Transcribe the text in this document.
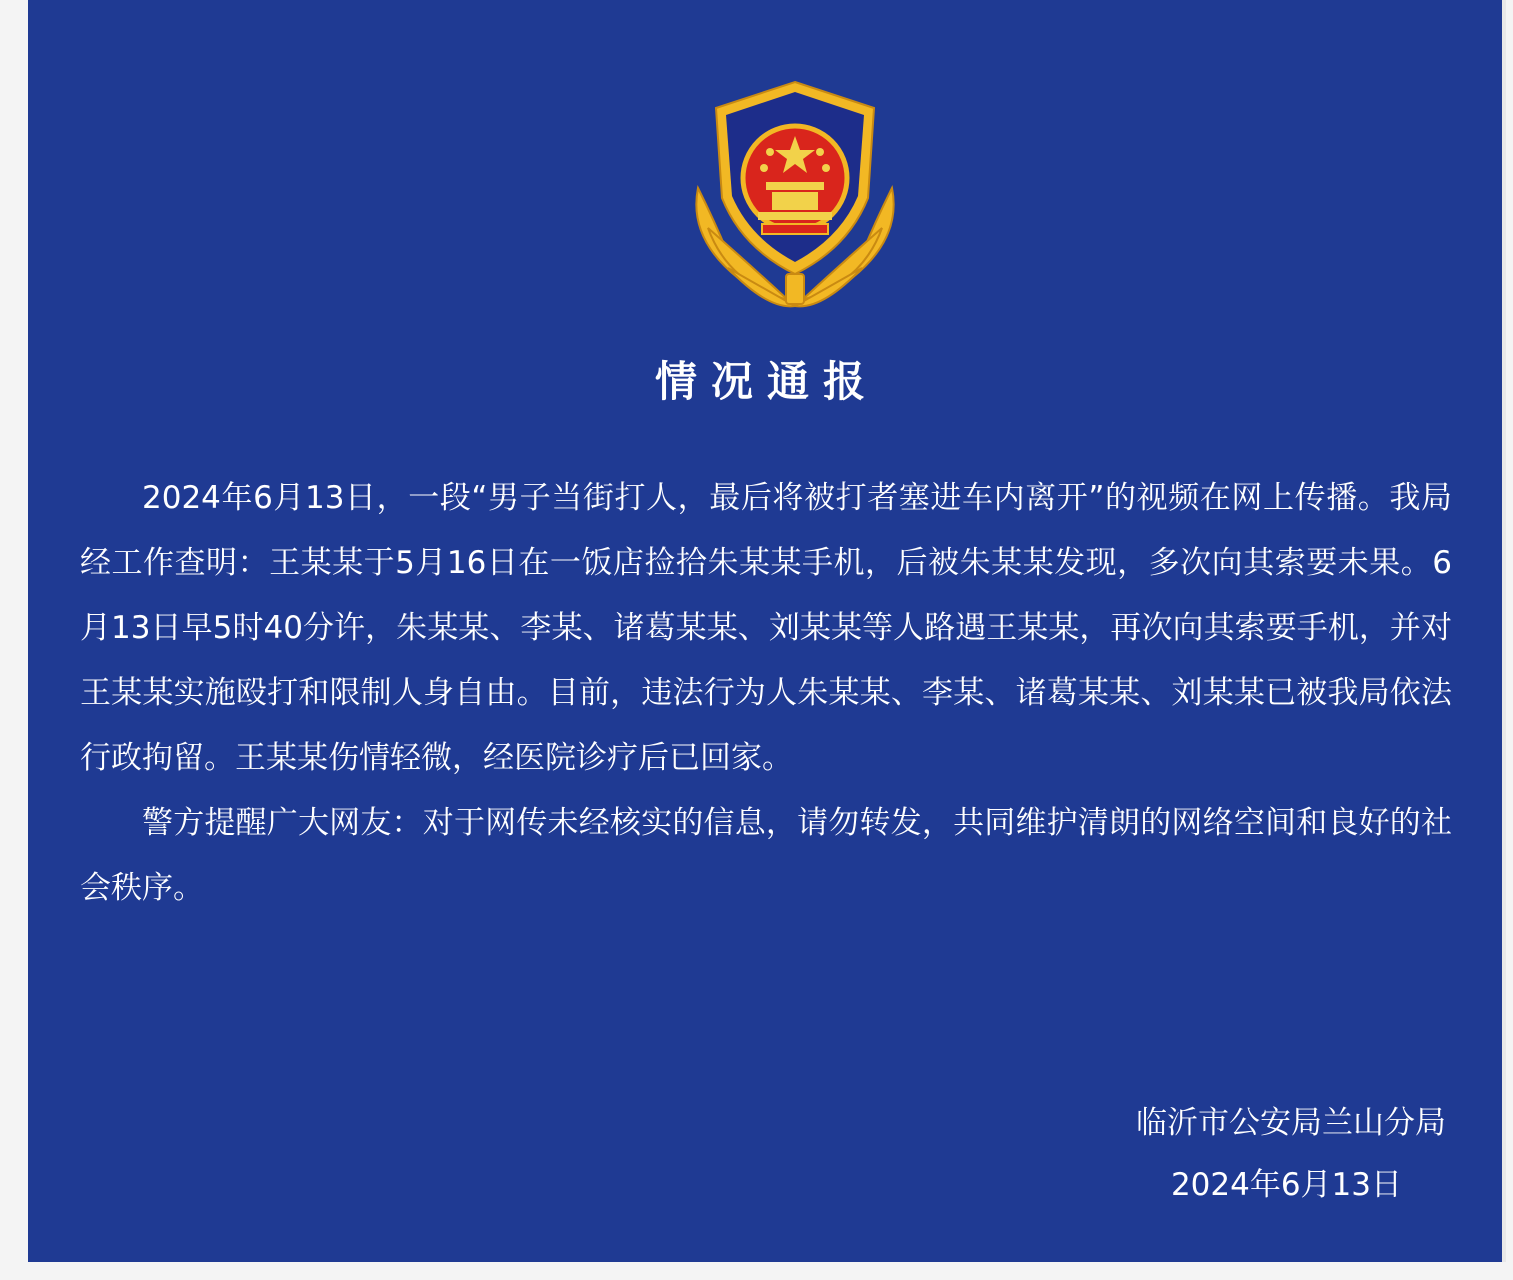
情况通报

2024年6月13日，一段“男子当街打人，最后将被打者塞进车内离开”的视频在网上传播。我局经工作查明：王某某于5月16日在一饭店捡拾朱某某手机，后被朱某某发现，多次向其索要未果。6月13日早5时40分许，朱某某、李某、诸葛某某、刘某某等人路遇王某某，再次向其索要手机，并对王某某实施殴打和限制人身自由。目前，违法行为人朱某某、李某、诸葛某某、刘某某已被我局依法行政拘留。王某某伤情轻微，经医院诊疗后已回家。

警方提醒广大网友：对于网传未经核实的信息，请勿转发，共同维护清朗的网络空间和良好的社会秩序。

临沂市公安局兰山分局
2024年6月13日
